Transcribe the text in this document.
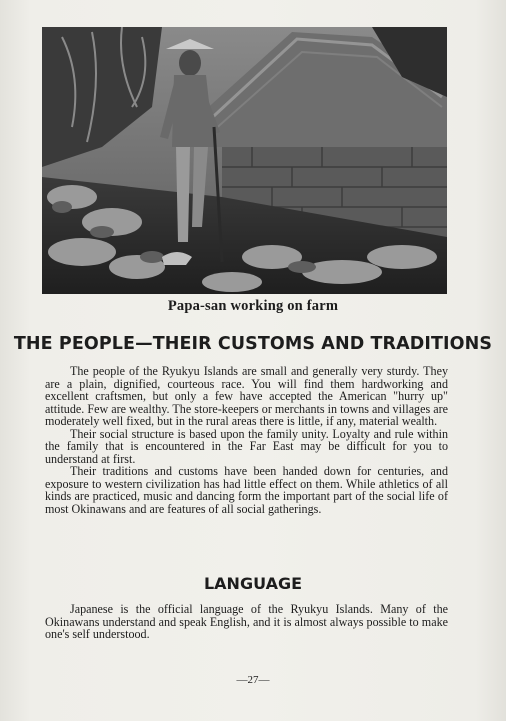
Papa-san working on farm
THE PEOPLE—THEIR CUSTOMS AND TRADITIONS

The people of the Ryukyu Islands are small and generally very sturdy. They are a plain, dignified, courteous race. You will find them hardworking and excellent craftsmen, but only a few have accepted the American "hurry up" attitude. Few are wealthy. The store-keepers or merchants in towns and villages are moderately well fixed, but in the rural areas there is little, if any, material wealth.

Their social structure is based upon the family unity. Loyalty and rule within the family that is encountered in the Far East may be difficult for you to understand at first.

Their traditions and customs have been handed down for centuries, and exposure to western civilization has had little effect on them. While athletics of all kinds are practiced, music and dancing form the important part of the social life of most Okinawans and are features of all social gatherings.

LANGUAGE

Japanese is the official language of the Ryukyu Islands. Many of the Okinawans understand and speak English, and it is almost always possible to make one's self understood.

—27—
